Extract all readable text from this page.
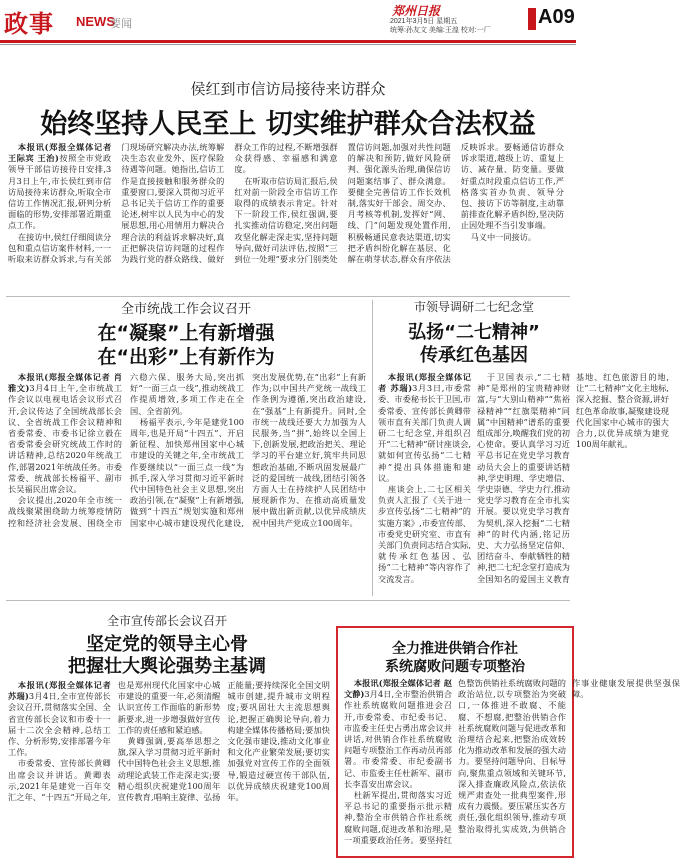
政事 NEWS
要闻
郑州日报
2021年3月5日 星期五
统筹:孙友文 美编:王湟 校对:一厂
A09
侯红到市信访局接待来访群众
始终坚持人民至上 切实维护群众合法权益

本报讯(郑报全媒体记者 王际宾 王治)按照全市党政领导干部信访接待日安排,3月3日上午,市长侯红到市信访局接待来访群众,听取全市信访工作情况汇报,研判分析面临的形势,安排部署近期重点工作。

在接访中,侯红仔细阅读分包和重点信访案件材料,一一听取来访群众诉求,与有关部门现场研究解决办法,统筹解决生态农业发外、医疗保险待遇等问题。她指出,信访工作是直接接触和服务群众的重要窗口,要深入贯彻习近平总书记关于信访工作的重要论述,树牢以人民为中心的发展思想,用心用情用力解决合理合法的利益诉求解决好,真正把解决信访问题的过程作为践行党的群众路线、做好群众工作的过程,不断增强群众获得感、幸福感和满意度。

在听取市信访局汇报后,侯红对前一阶段全市信访工作取得的成绩表示肯定。针对下一阶段工作,侯红强调,要扎实推动信访稳定,突出问题攻坚化解走深走实,坚持问题导向,做好司法评估,按照“三到位一处理”要求分门别类处置信访问题,加强对共性问题的解决和预防,做好风险研判、强化源头治理,确保信访问题案结事了、群众满意。要健全完善信访工作长效机制,落实好干部会、周交办、月考核等机制,发挥好“网、线、门”问题发现处置作用,积极畅通民意表达渠道,切实把矛盾纠纷化解在基层、化解在萌芽状态,群众有序依法反映诉求。要畅通信访群众诉求渠道,越级上访、重复上访、减存量、防变量。要做好重点时段重点信访工作,严格落实首办负责、领导分包、接访下访等制度,主动靠前排查化解矛盾纠纷,坚决防止因处理不当引发事端。

马义中一同接访。

全市统战工作会议召开
在“凝聚”上有新增强
在“出彩”上有新作为

本报讯(郑报全媒体记者 肖雅文)3月4日上午,全市统战工作会议以电视电话会议形式召开,会议传达了全国统战部长会议、全省统战工作会议精神和省委常委、市委书记徐立毅在省委常委会研究统战工作时的讲话精神,总结2020年统战工作,部署2021年统战任务。市委常委、统战部长杨福平、副市长吴福民出席会议。

会议提出,2020年全市统一战线聚紧围绕助力统筹疫情防控和经济社会发展、围绕全市六稳六保、服务大局,突出抓好“一面三点一线”,推动统战工作提质增效,多项工作走在全国、全省前列。

杨福平表示,今年是建党100周年,也是开局“十四五”、开启新征程、加快郑州国家中心城市建设的关键之年,全市统战工作要继续以“一面三点一线”为抓手,深入学习贯彻习近平新时代中国特色社会主义思想,突出政治引领,在“凝聚”上有新增强,做到“十四五”规划实施和郑州国家中心城市建设现代化建设,突出发展优势,在“出彩”上有新作为;以中国共产党统一战线工作条例为遵循,突出政治建设,在“强基”上有新提升。同时,全市统一战线还要大力加强为人民服务,当“拼”,始终以全国上下,创新发展,把政治把关、理论学习的平台建立好,筑牢共同思想政治基础,不断巩固发展最广泛的爱国统一战线,团结引领各方面人士在持续护人民团结中展现新作为、在推动高质量发展中做出新贡献,以优异成绩庆祝中国共产党成立100周年。

市领导调研二七纪念堂
弘扬“二七精神”
传承红色基因

本报讯(郑报全媒体记者 苏瑞)3月3日,市委常委、市委秘书长于卫国,市委常委、宣传部长黄卿带领市直有关部门负责人调研二七纪念堂,并组织召开“二七精神”研讨座谈会,就如何宣传弘扬“二七精神”提出具体措施和建议。

座谈会上,二七区相关负责人汇报了《关于进一步宣传弘扬“二七精神”的实施方案》,市委宣传部、市委党史研究室、市直有关部门负责同志结合实际,就传承红色基因、弘扬“二七精神”等内容作了交流发言。

于卫国表示,“二七精神”是郑州的宝贵精神财富,与“大别山精神”“焦裕禄精神”“红旗渠精神”同属“中国精神”谱系的重要组成部分,唤醒我们党的初心使命。要认真学习习近平总书记在党史学习教育动员大会上的重要讲话精神,学史明理、学史增信、学史崇德、学史力行,推动党史学习教育在全市扎实开展。要以党史学习教育为契机,深入挖掘“二七精神”的时代内涵,铭记历史、大力弘扬坚定信仰、团结奋斗、奉献牺牲的精神,把二七纪念堂打造成为全国知名的爱国主义教育基地、红色旅游目的地,让“二七精神”文化主地标,深入挖掘、整合资源,讲好红色革命故事,凝聚建设现代化国家中心城市的强大合力,以优异成绩为建党100周年献礼。

全市宣传部长会议召开
坚定党的领导主心骨
把握壮大舆论强势主基调

本报讯(郑报全媒体记者 苏瑞)3月4日,全市宣传部长会议召开,贯彻落实全国、全省宣传部长会议和市委十一届十二次全会精神,总结工作、分析形势,安排部署今年工作。

市委常委、宣传部长黄卿出席会议并讲话。黄卿表示,2021年是建党一百年交汇之年、“十四五”开局之年,也是郑州现代化国家中心城市建设的重要一年,必须清醒认识宣传工作面临的新形势新要求,进一步增强做好宣传工作的责任感和紧迫感。

黄卿强调,要高举思想之旗,深入学习贯彻习近平新时代中国特色社会主义思想,推动理论武装工作走深走实;要精心组织庆祝建党100周年宣传教育,唱响主旋律、弘扬正能量;要持续深化全国文明城市创建,提升城市文明程度;要巩固壮大主流思想舆论,把握正确舆论导向,着力构建全媒体传播格局;要加快文化强市建设,推动文化事业和文化产业繁荣发展;要切实加强党对宣传工作的全面领导,锻造过硬宣传干部队伍,以优异成绩庆祝建党100周年。

全力推进供销合作社
系统腐败问题专项整治

本报讯(郑报全媒体记者 赵文静)3月4日,全市整治供销合作社系统腐败问题推进会召开,市委常委、市纪委书记、市监委主任史占勇出席会议并讲话,对供销合作社系统腐败问题专项整治工作再动员再部署。市委常委、市纪委副书记、市监委主任杜新军、副市长李喜安出席会议。

杜新军提出,贯彻落实习近平总书记的重要指示批示精神,整治全市供销合作社系统腐败问题,促进改革和治理,是一项重要政治任务。要坚持红色整饬供销社系统腐败问题的政治站位,以专项整治为突破口,一体推进不敢腐、不能腐、不想腐,把整治供销合作社系统腐败问题与促进改革和治理结合起来,把整治成效转化为推动改革和发展的强大动力。要坚持问题导向、目标导向,聚焦重点领域和关键环节,深入排查廉政风险点,依法依规严肃查处一批典型案件,形成有力震慑。要压紧压实各方责任,强化组织领导,推动专项整治取得扎实成效,为供销合作事业健康发展提供坚强保障。
